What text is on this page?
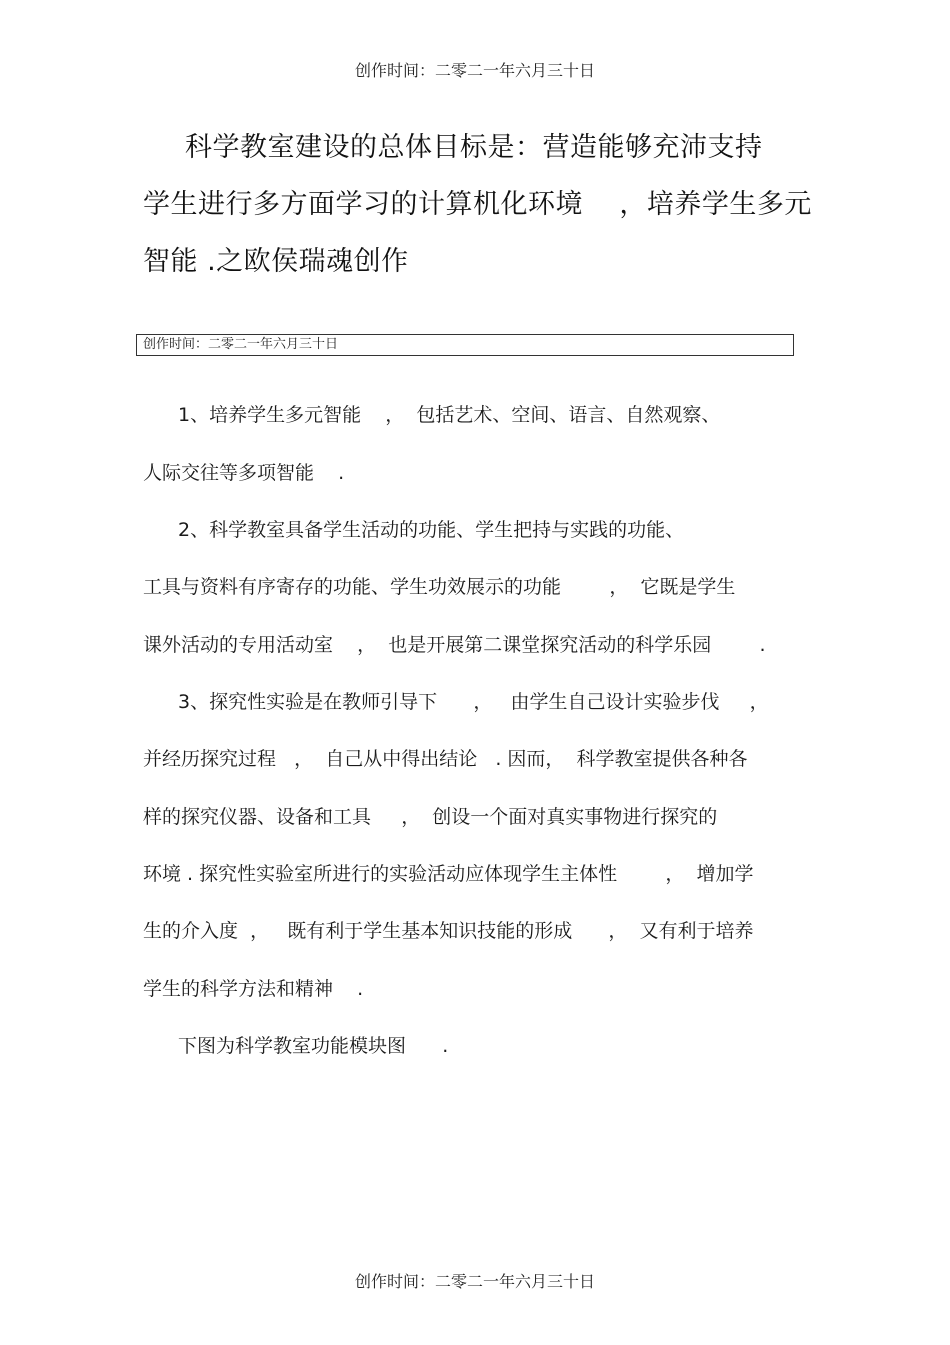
创作时间：二零二一年六月三十日
科学教室建设的总体目标是：营造能够充沛支持
学生进行多方面学习的计算机化环境    ，培养学生多元
智能 .之欧侯瑞魂创作
创作时间：二零二一年六月三十日
1、培养学生多元智能    ，  包括艺术、空间、语言、自然观察、
人际交往等多项智能    .
2、科学教室具备学生活动的功能、学生把持与实践的功能、
工具与资料有序寄存的功能、学生功效展示的功能        ，  它既是学生
课外活动的专用活动室    ，  也是开展第二课堂探究活动的科学乐园        .
3、探究性实验是在教师引导下      ，   由学生自己设计实验步伐     ，
并经历探究过程   ，  自己从中得出结论   . 因而，  科学教室提供各种各
样的探究仪器、设备和工具     ，  创设一个面对真实事物进行探究的
环境 . 探究性实验室所进行的实验活动应体现学生主体性        ，  增加学
生的介入度  ，   既有利于学生基本知识技能的形成      ，  又有利于培养
学生的科学方法和精神    .
下图为科学教室功能模块图      .
创作时间：二零二一年六月三十日
